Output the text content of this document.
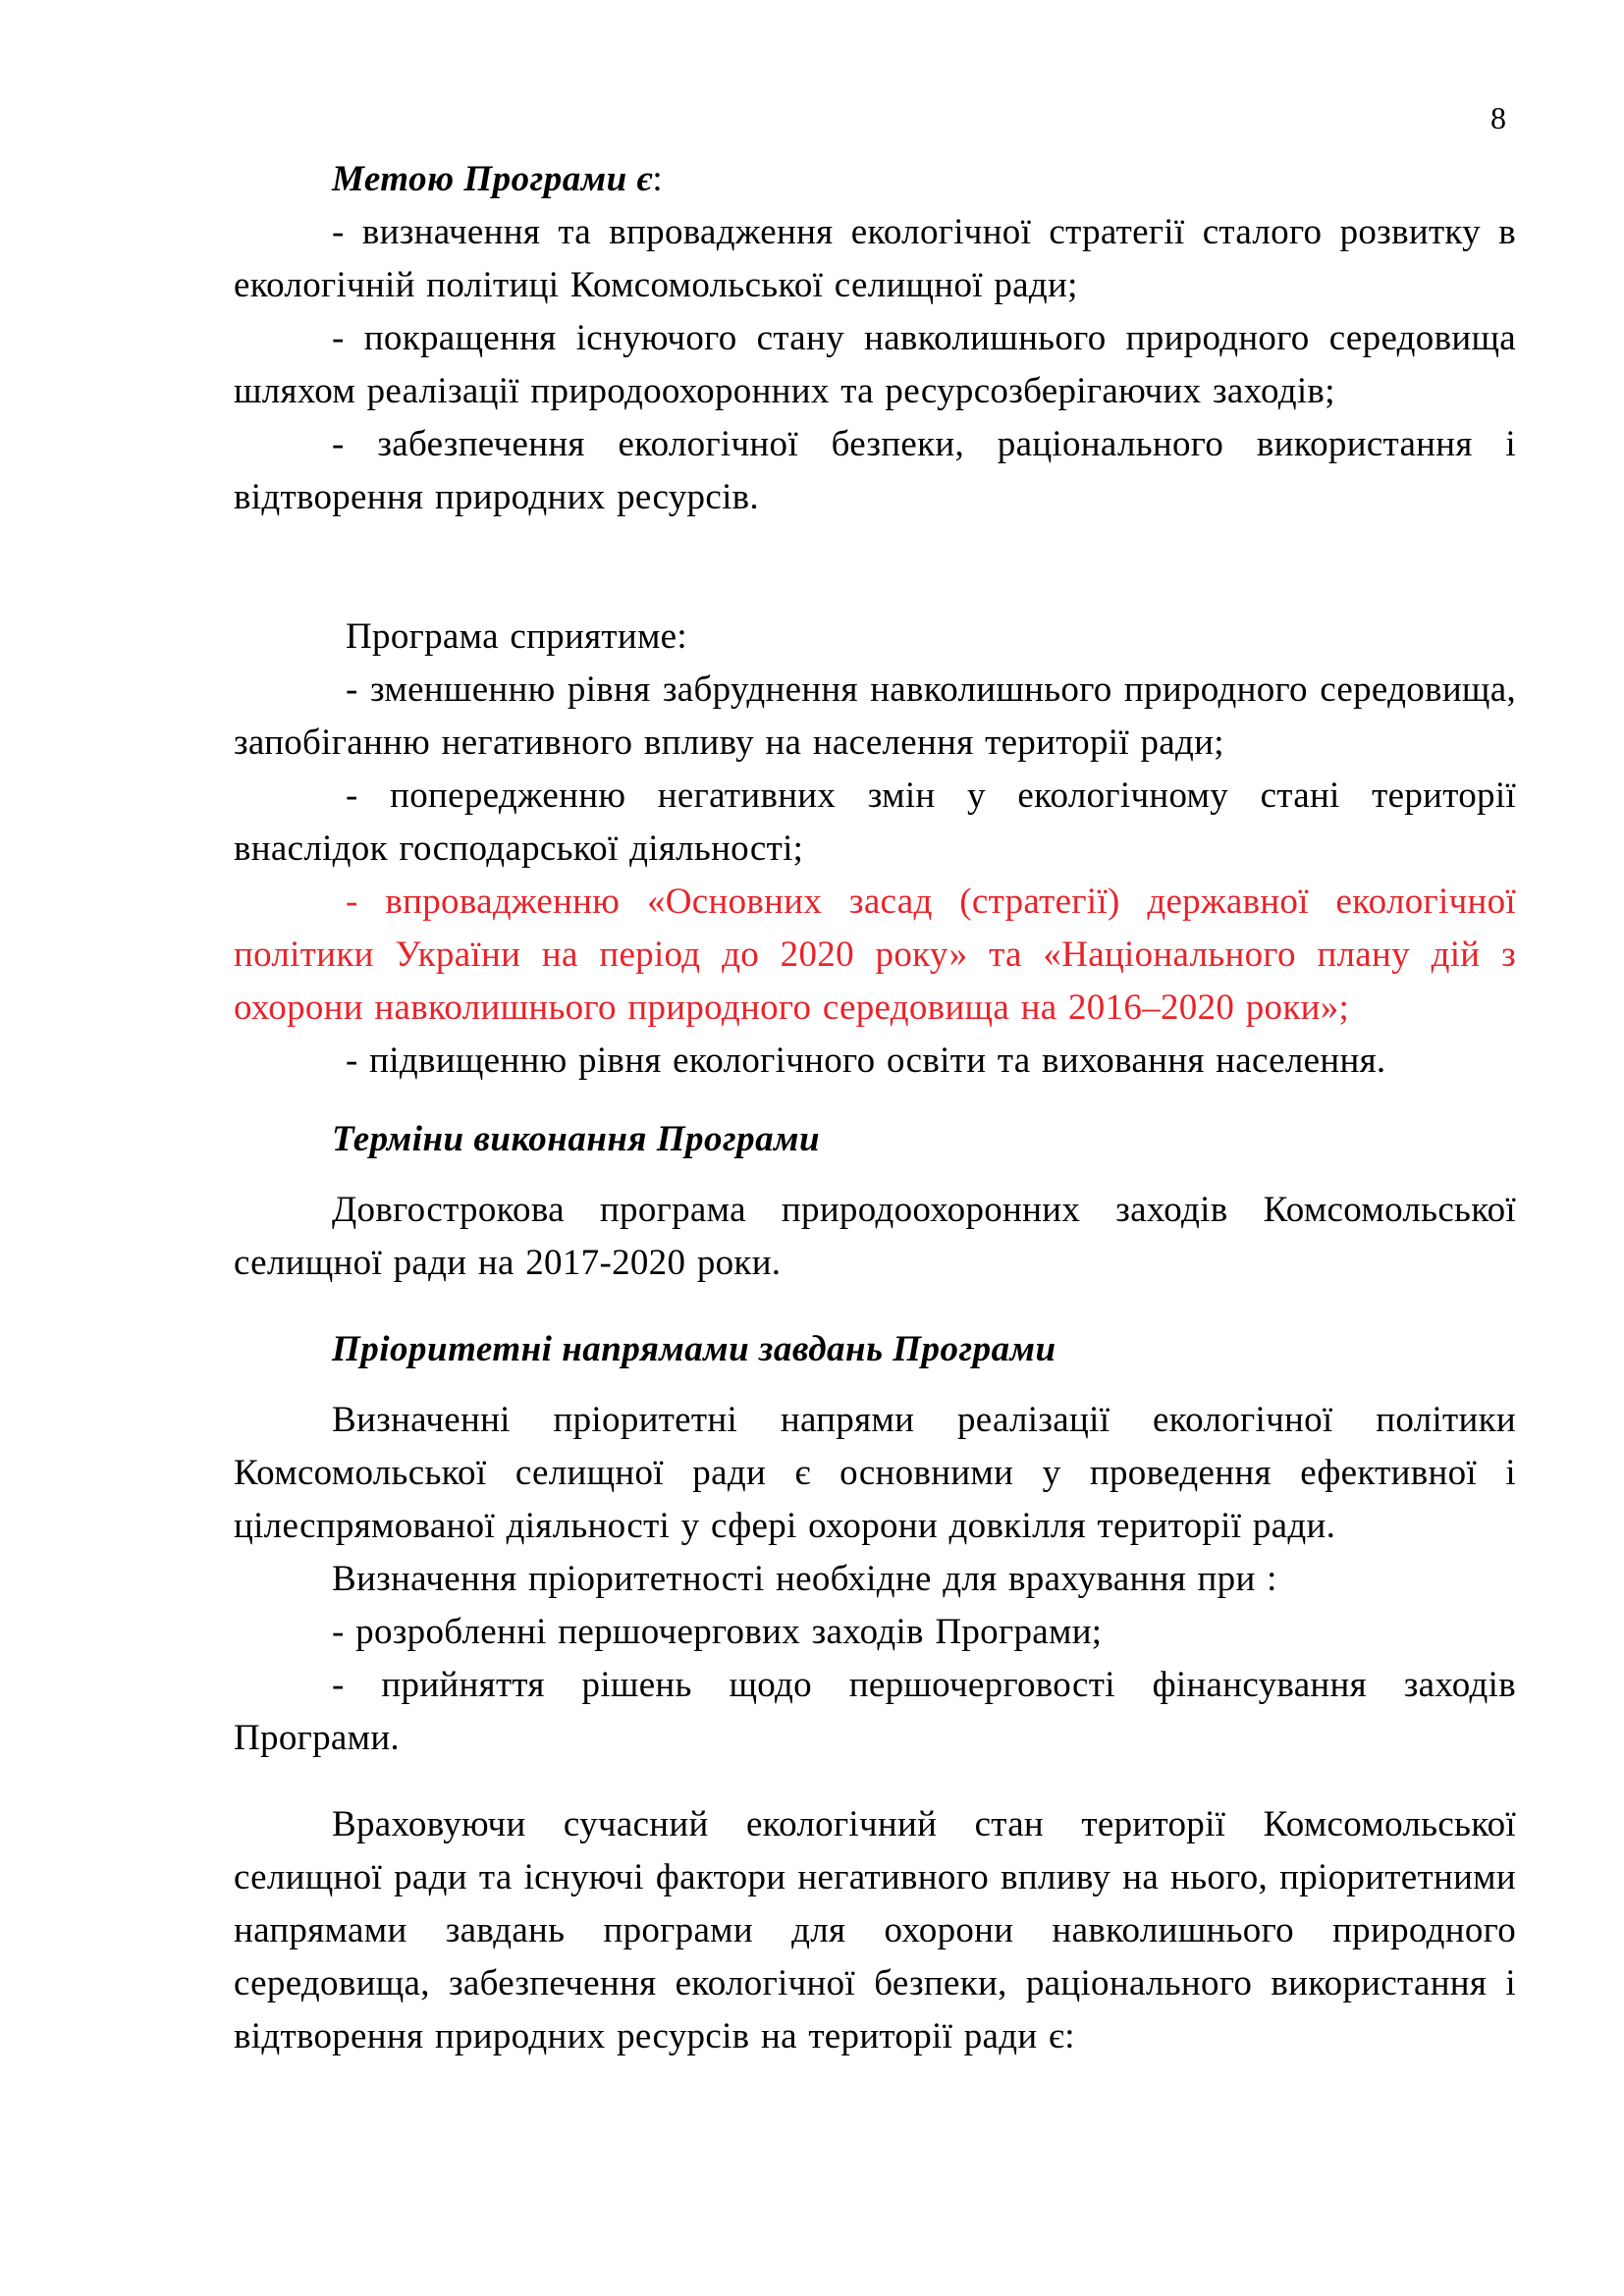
8

Метою Програми є:

- визначення та впровадження екологічної стратегії сталого розвитку в екологічній політиці Комсомольської селищної ради;

- покращення існуючого стану навколишнього природного середовища шляхом реалізації природоохоронних та ресурсозберігаючих заходів;

- забезпечення екологічної безпеки, раціонального використання і відтворення природних ресурсів.

Програма сприятиме:

- зменшенню рівня забруднення навколишнього природного середовища, запобіганню негативного впливу на населення території ради;

- попередженню негативних змін у екологічному стані території внаслідок господарської діяльності;

- впровадженню «Основних засад (стратегії) державної екологічної політики України на період до 2020 року» та «Національного плану дій з охорони навколишнього природного середовища на 2016–2020 роки»;

- підвищенню рівня екологічного освіти та виховання населення.

Терміни виконання Програми

Довгострокова програма природоохоронних заходів Комсомольської селищної ради на 2017-2020 роки.

Пріоритетні напрямами завдань Програми

Визначенні пріоритетні напрями реалізації екологічної політики Комсомольської селищної ради є основними у проведення ефективної і цілеспрямованої діяльності у сфері охорони довкілля території ради.

Визначення пріоритетності необхідне для врахування при :

- розробленні першочергових заходів Програми;

- прийняття рішень щодо першочерговості фінансування заходів Програми.

Враховуючи сучасний екологічний стан території Комсомольської селищної ради та існуючі фактори негативного впливу на нього, пріоритетними напрямами завдань програми для охорони навколишнього природного середовища, забезпечення екологічної безпеки, раціонального використання і відтворення природних ресурсів на території ради є:
